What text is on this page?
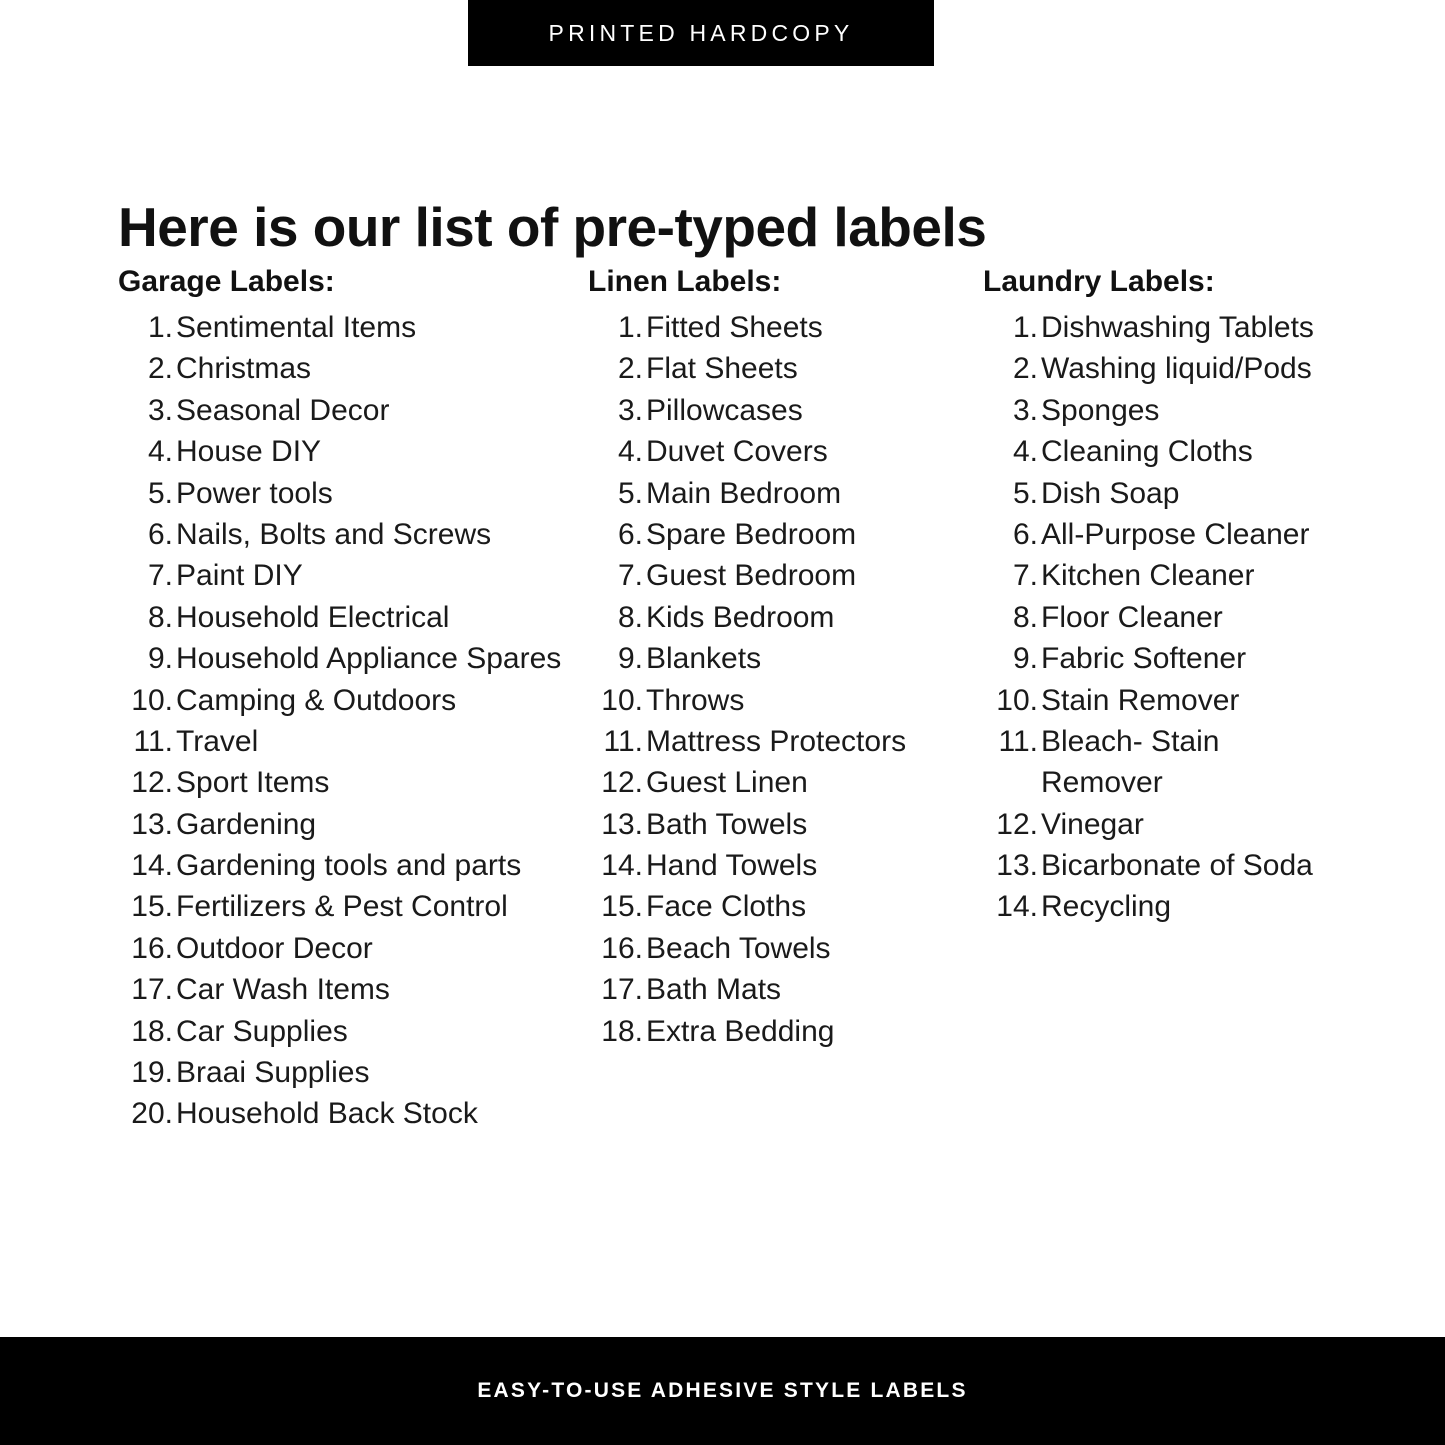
PRINTED HARDCOPY
Here is our list of pre-typed labels
Garage Labels:
1. Sentimental Items
2. Christmas
3. Seasonal Decor
4. House DIY
5. Power tools
6. Nails, Bolts and Screws
7. Paint DIY
8. Household Electrical
9. Household Appliance Spares
10. Camping & Outdoors
11. Travel
12. Sport Items
13. Gardening
14. Gardening tools and parts
15. Fertilizers & Pest Control
16. Outdoor Decor
17. Car Wash Items
18. Car Supplies
19. Braai Supplies
20. Household Back Stock
Linen Labels:
1. Fitted Sheets
2. Flat Sheets
3. Pillowcases
4. Duvet Covers
5. Main Bedroom
6. Spare Bedroom
7. Guest Bedroom
8. Kids Bedroom
9. Blankets
10. Throws
11. Mattress Protectors
12. Guest Linen
13. Bath Towels
14. Hand Towels
15. Face Cloths
16. Beach Towels
17. Bath Mats
18. Extra Bedding
Laundry Labels:
1. Dishwashing Tablets
2. Washing liquid/Pods
3. Sponges
4. Cleaning Cloths
5. Dish Soap
6. All-Purpose Cleaner
7. Kitchen Cleaner
8. Floor Cleaner
9. Fabric Softener
10. Stain Remover
11. Bleach- Stain Remover
12. Vinegar
13. Bicarbonate of Soda
14. Recycling
EASY-TO-USE ADHESIVE STYLE LABELS
